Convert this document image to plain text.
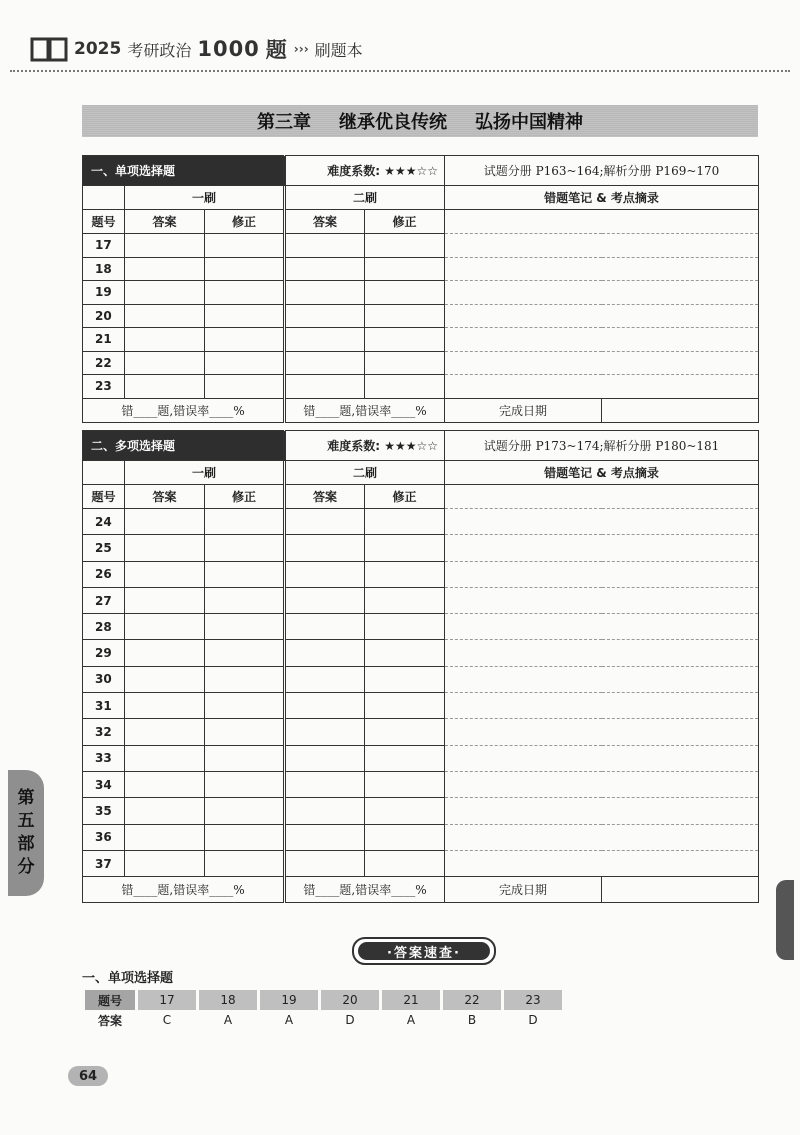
2025 考研政治 1000 题 ››› 刷题本
第三章 继承优良传统 弘扬中国精神
一、单项选择题			难度系数: ★★★☆☆		试题分册 P163~164;解析分册 P169~170	
	一刷		二刷		错题笔记 & 考点摘录	
题号	答案	修正	答案	修正		
17						
18						
19						
20						
21						
22						
23						
错____题,错误率____%			错____题,错误率____%		完成日期	
二、多项选择题			难度系数: ★★★☆☆		试题分册 P173~174;解析分册 P180~181	
	一刷		二刷		错题笔记 & 考点摘录	
题号	答案	修正	答案	修正		
24						
25						
26						
27						
28						
29						
30						
31						
32						
33						
34						
35						
36						
37						
错____题,错误率____%			错____题,错误率____%		完成日期	
·答案速查·
一、单项选择题
题号	17	18	19	20	21	22	23
答案	C	A	A	D	A	B	D
第
五
部
分
64
